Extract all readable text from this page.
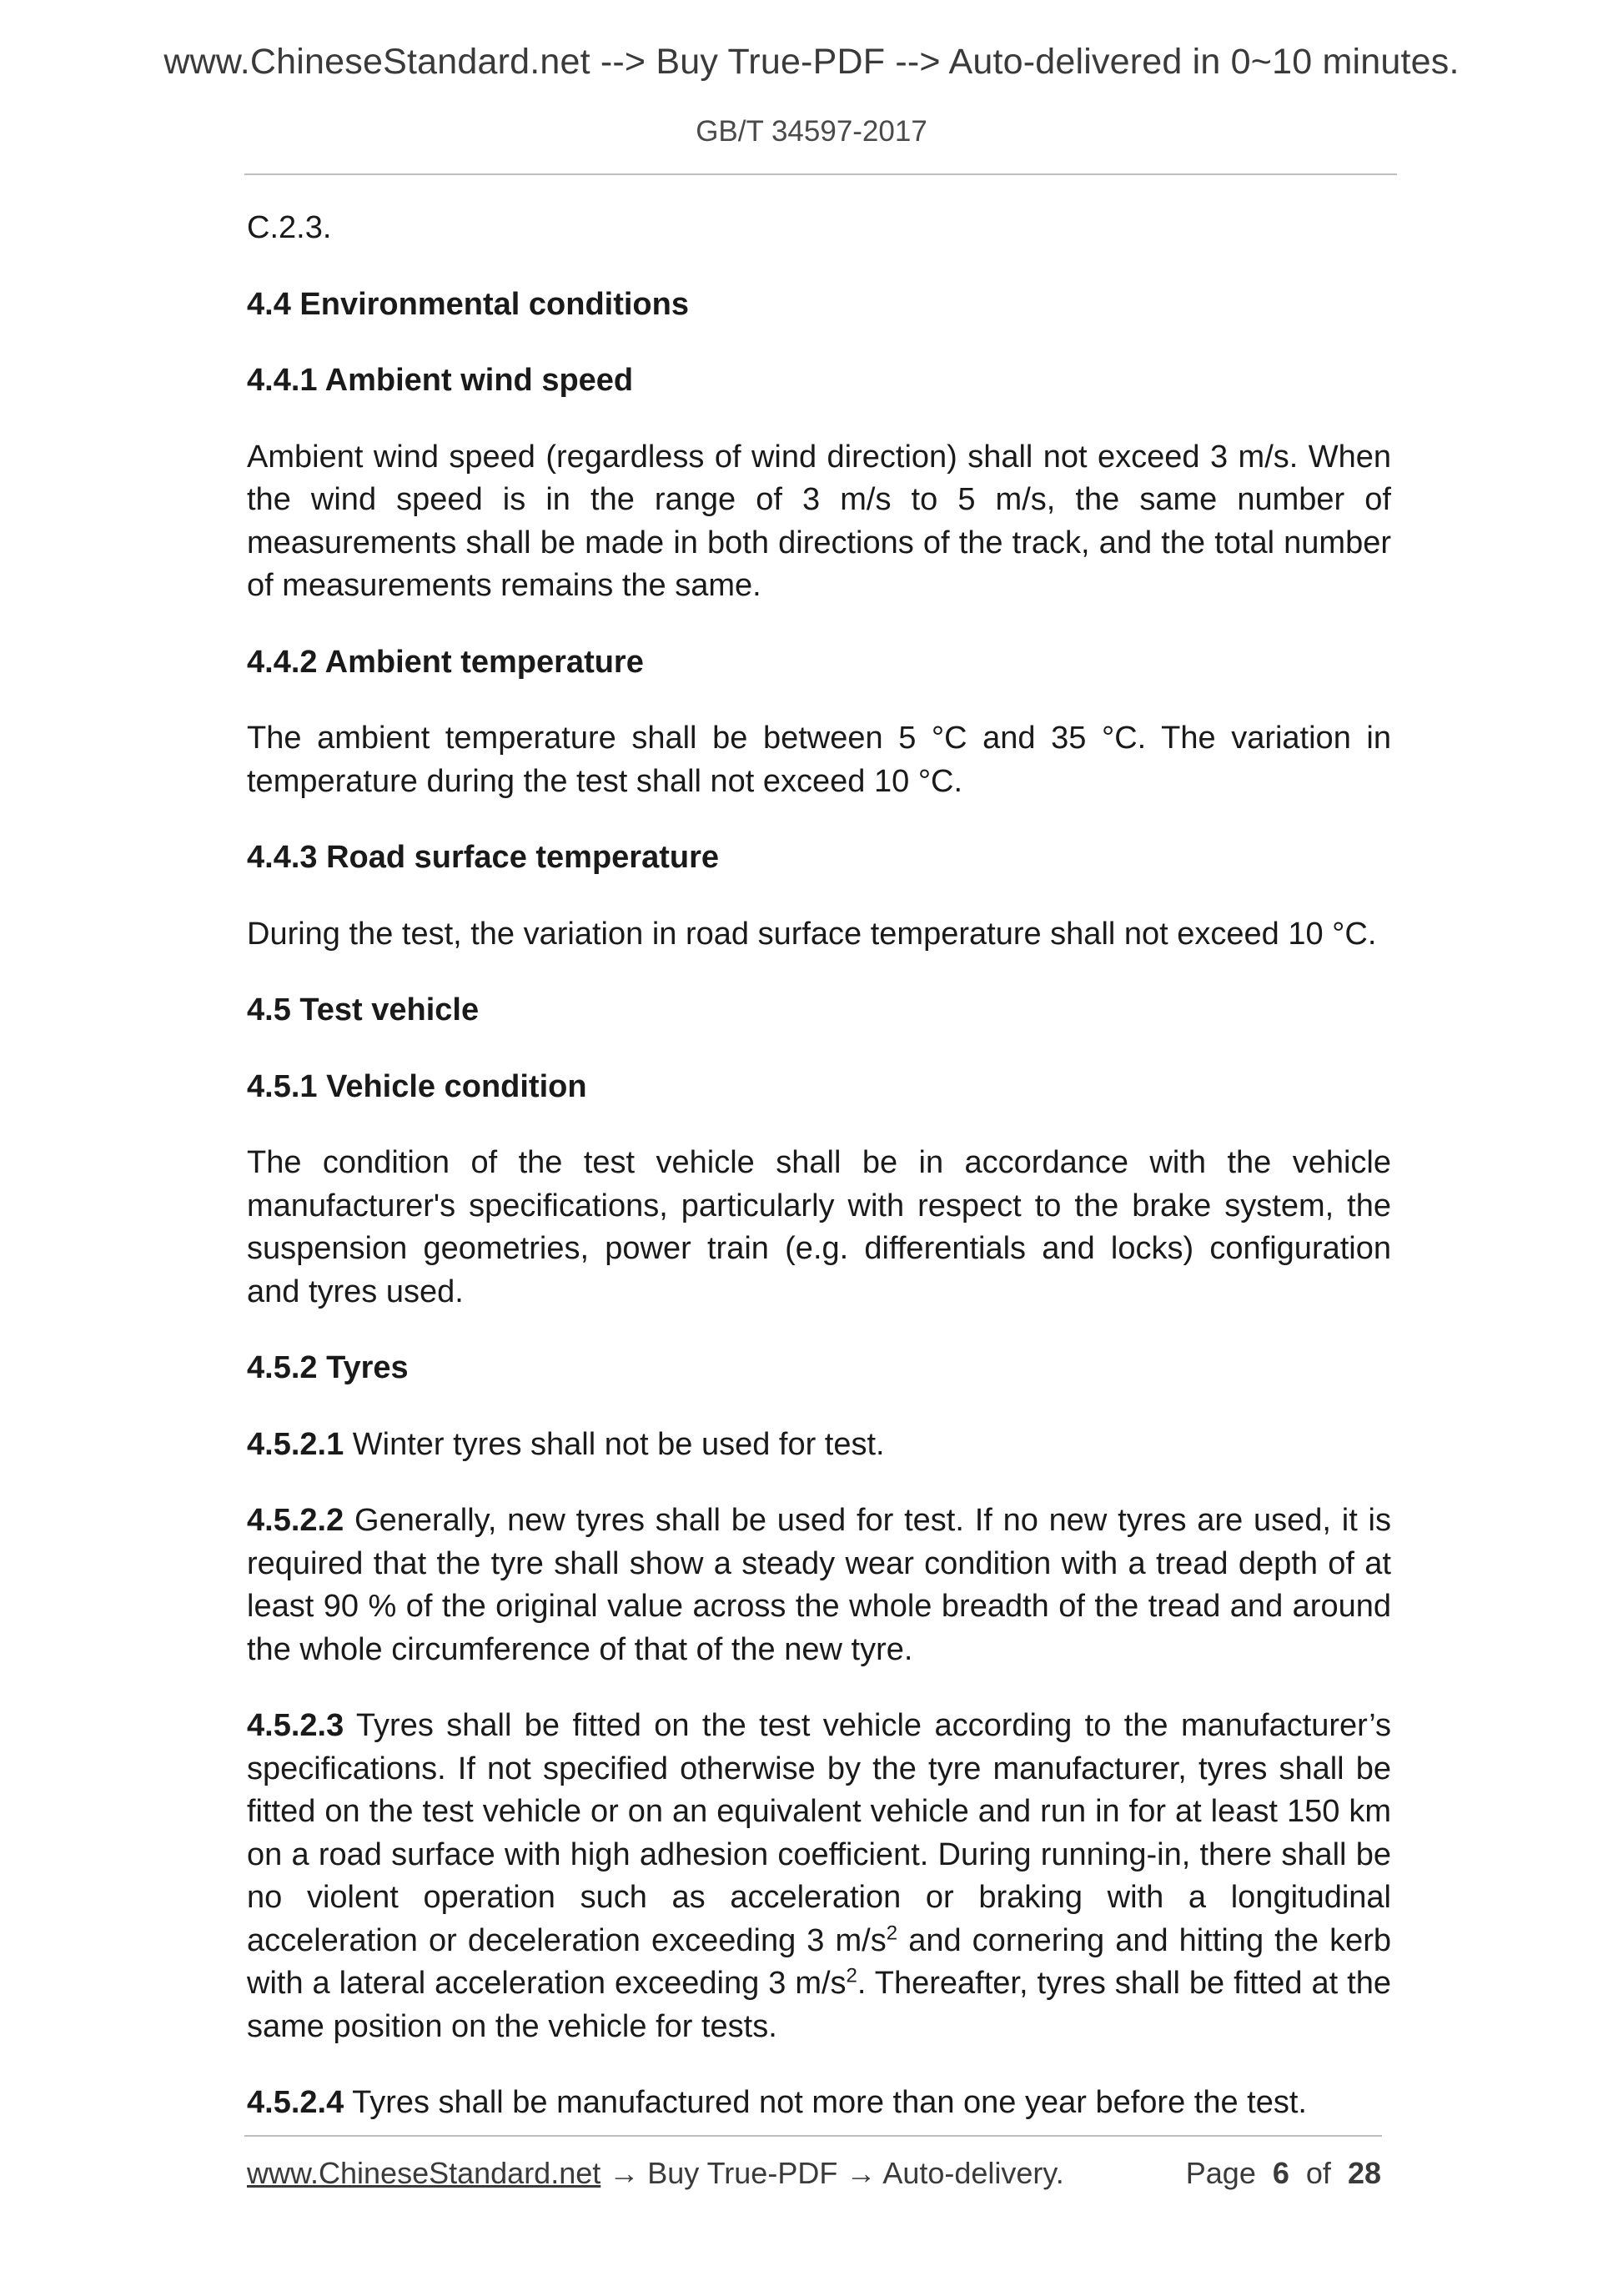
www.ChineseStandard.net --> Buy True-PDF --> Auto-delivered in 0~10 minutes.
GB/T 34597-2017

C.2.3.

4.4 Environmental conditions

4.4.1 Ambient wind speed

Ambient wind speed (regardless of wind direction) shall not exceed 3 m/s. When the wind speed is in the range of 3 m/s to 5 m/s, the same number of measurements shall be made in both directions of the track, and the total number of measurements remains the same.

4.4.2 Ambient temperature

The ambient temperature shall be between 5 °C and 35 °C. The variation in temperature during the test shall not exceed 10 °C.

4.4.3 Road surface temperature

During the test, the variation in road surface temperature shall not exceed 10 °C.

4.5 Test vehicle

4.5.1 Vehicle condition

The condition of the test vehicle shall be in accordance with the vehicle manufacturer's specifications, particularly with respect to the brake system, the suspension geometries, power train (e.g. differentials and locks) configuration and tyres used.

4.5.2 Tyres

4.5.2.1 Winter tyres shall not be used for test.

4.5.2.2 Generally, new tyres shall be used for test. If no new tyres are used, it is required that the tyre shall show a steady wear condition with a tread depth of at least 90 % of the original value across the whole breadth of the tread and around the whole circumference of that of the new tyre.

4.5.2.3 Tyres shall be fitted on the test vehicle according to the manufacturer’s specifications. If not specified otherwise by the tyre manufacturer, tyres shall be fitted on the test vehicle or on an equivalent vehicle and run in for at least 150 km on a road surface with high adhesion coefficient. During running-in, there shall be no violent operation such as acceleration or braking with a longitudinal acceleration or deceleration exceeding 3 $m/s^2$ and cornering and hitting the kerb with a lateral acceleration exceeding 3 $m/s^2$. Thereafter, tyres shall be fitted at the same position on the vehicle for tests.

4.5.2.4 Tyres shall be manufactured not more than one year before the test.

www.ChineseStandard.net → Buy True-PDF → Auto-delivery.	Page 6 of 28
